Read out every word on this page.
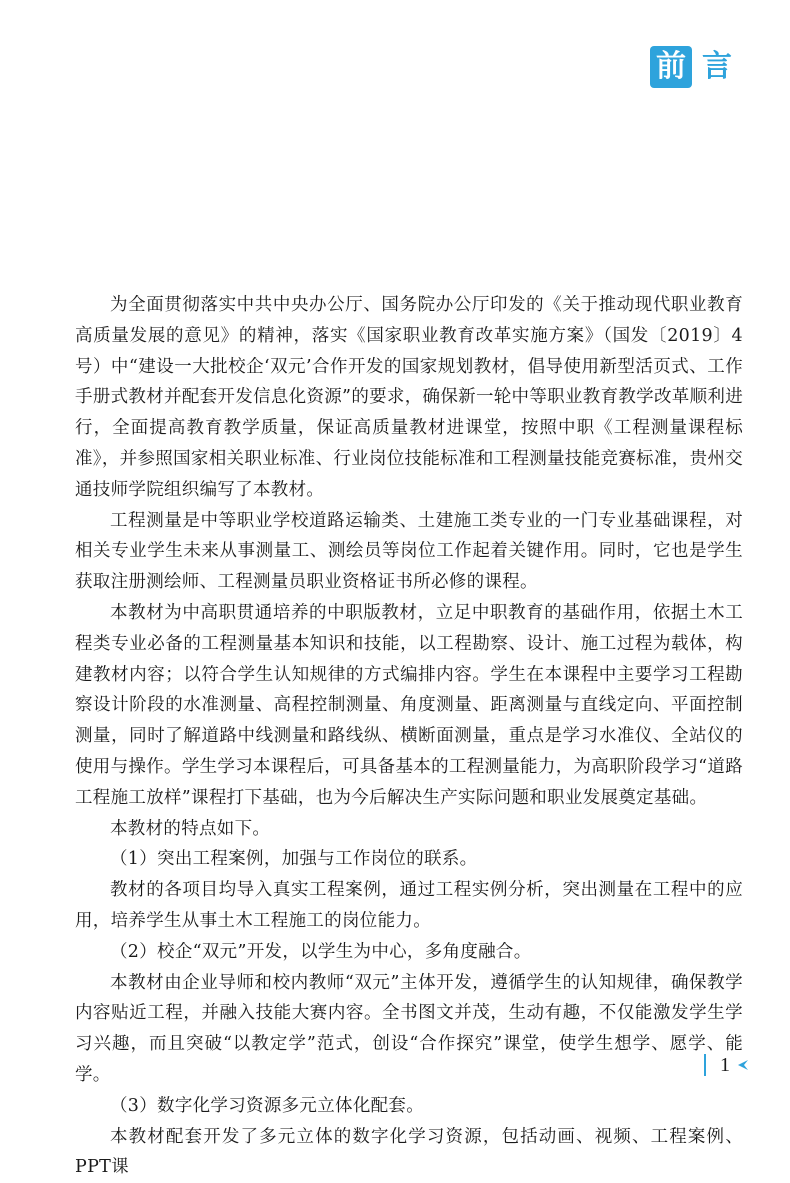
前 言

为全面贯彻落实中共中央办公厅、国务院办公厅印发的《关于推动现代职业教育高质量发展的意见》的精神，落实《国家职业教育改革实施方案》（国发〔2019〕4号）中“建设一大批校企‘双元’合作开发的国家规划教材，倡导使用新型活页式、工作手册式教材并配套开发信息化资源”的要求，确保新一轮中等职业教育教学改革顺利进行，全面提高教育教学质量，保证高质量教材进课堂，按照中职《工程测量课程标准》，并参照国家相关职业标准、行业岗位技能标准和工程测量技能竞赛标准，贵州交通技师学院组织编写了本教材。

工程测量是中等职业学校道路运输类、土建施工类专业的一门专业基础课程，对相关专业学生未来从事测量工、测绘员等岗位工作起着关键作用。同时，它也是学生获取注册测绘师、工程测量员职业资格证书所必修的课程。

本教材为中高职贯通培养的中职版教材，立足中职教育的基础作用，依据土木工程类专业必备的工程测量基本知识和技能，以工程勘察、设计、施工过程为载体，构建教材内容；以符合学生认知规律的方式编排内容。学生在本课程中主要学习工程勘察设计阶段的水准测量、高程控制测量、角度测量、距离测量与直线定向、平面控制测量，同时了解道路中线测量和路线纵、横断面测量，重点是学习水准仪、全站仪的使用与操作。学生学习本课程后，可具备基本的工程测量能力，为高职阶段学习“道路工程施工放样”课程打下基础，也为今后解决生产实际问题和职业发展奠定基础。

本教材的特点如下。

（1）突出工程案例，加强与工作岗位的联系。

教材的各项目均导入真实工程案例，通过工程实例分析，突出测量在工程中的应用，培养学生从事土木工程施工的岗位能力。

（2）校企“双元”开发，以学生为中心，多角度融合。

本教材由企业导师和校内教师“双元”主体开发，遵循学生的认知规律，确保教学内容贴近工程，并融入技能大赛内容。全书图文并茂，生动有趣，不仅能激发学生学习兴趣，而且突破“以教定学”范式，创设“合作探究”课堂，使学生想学、愿学、能学。

（3）数字化学习资源多元立体化配套。

本教材配套开发了多元立体的数字化学习资源，包括动画、视频、工程案例、PPT课

1
